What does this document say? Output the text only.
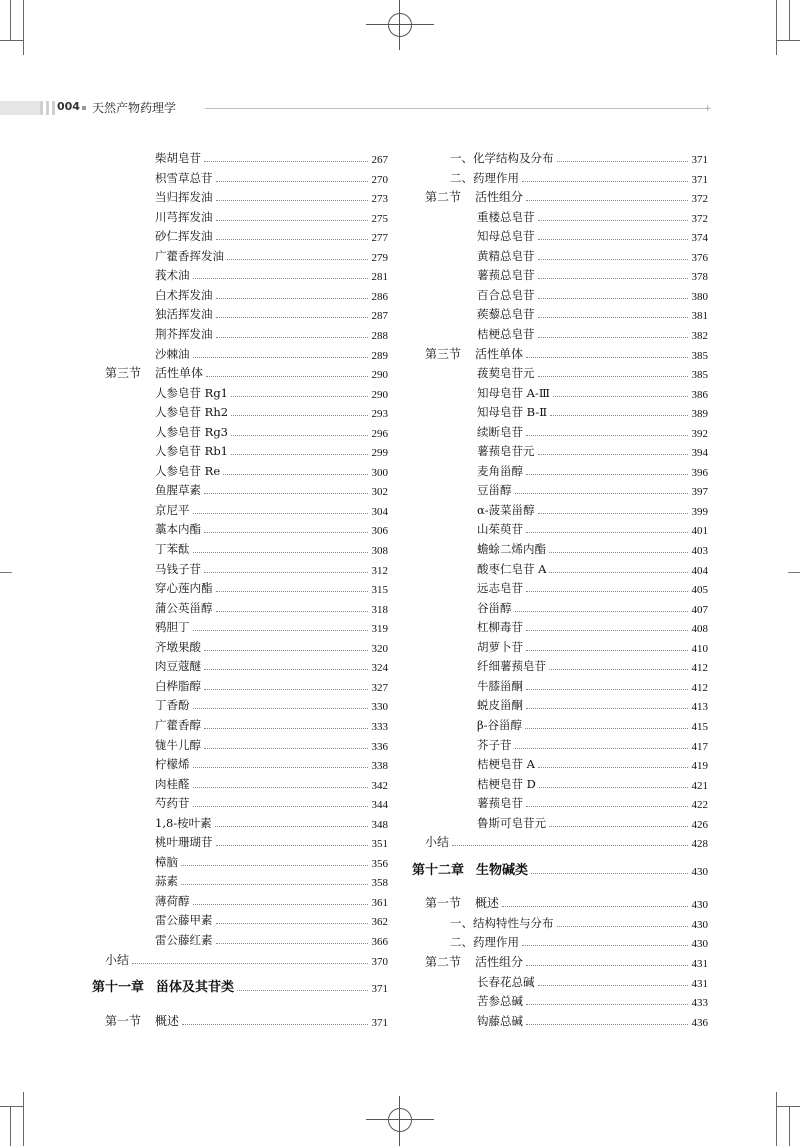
004 天然产物药理学	+
柴胡皂苷	267
枳雪草总苷	270
当归挥发油	273
川芎挥发油	275
砂仁挥发油	277
广藿香挥发油	279
莪术油	281
白术挥发油	286
独活挥发油	287
荆芥挥发油	288
沙棘油	289
第三节 活性单体	290
人参皂苷 Rg1	290
人参皂苷 Rh2	293
人参皂苷 Rg3	296
人参皂苷 Rb1	299
人参皂苷 Re	300
鱼腥草素	302
京尼平	304
藁本内酯	306
丁苯酞	308
马钱子苷	312
穿心莲内酯	315
蒲公英甾醇	318
鸦胆丁	319
齐墩果酸	320
肉豆蔻醚	324
白桦脂醇	327
丁香酚	330
广藿香醇	333
牻牛儿醇	336
柠檬烯	338
肉桂醛	342
芍药苷	344
1,8-桉叶素	348
桃叶珊瑚苷	351
樟脑	356
蒜素	358
薄荷醇	361
雷公藤甲素	362
雷公藤红素	366
小结	370
第十一章 甾体及其苷类	371
第一节 概述	371
一、化学结构及分布	371
二、药理作用	371
第二节 活性组分	372
重楼总皂苷	372
知母总皂苷	374
黄精总皂苷	376
薯蓣总皂苷	378
百合总皂苷	380
蒺藜总皂苷	381
桔梗总皂苷	382
第三节 活性单体	385
菝葜皂苷元	385
知母皂苷 A-Ⅲ	386
知母皂苷 B-Ⅱ	389
续断皂苷	392
薯蓣皂苷元	394
麦角甾醇	396
豆甾醇	397
α-菠菜甾醇	399
山茱萸苷	401
蟾蜍二烯内酯	403
酸枣仁皂苷 A	404
远志皂苷	405
谷甾醇	407
杠柳毒苷	408
胡萝卜苷	410
纤细薯蓣皂苷	412
牛膝甾酮	412
蜕皮甾酮	413
β-谷甾醇	415
芥子苷	417
桔梗皂苷 A	419
桔梗皂苷 D	421
薯蓣皂苷	422
鲁斯可皂苷元	426
小结	428
第十二章 生物碱类	430
第一节 概述	430
一、结构特性与分布	430
二、药理作用	430
第二节 活性组分	431
长春花总碱	431
苦参总碱	433
钩藤总碱	436
